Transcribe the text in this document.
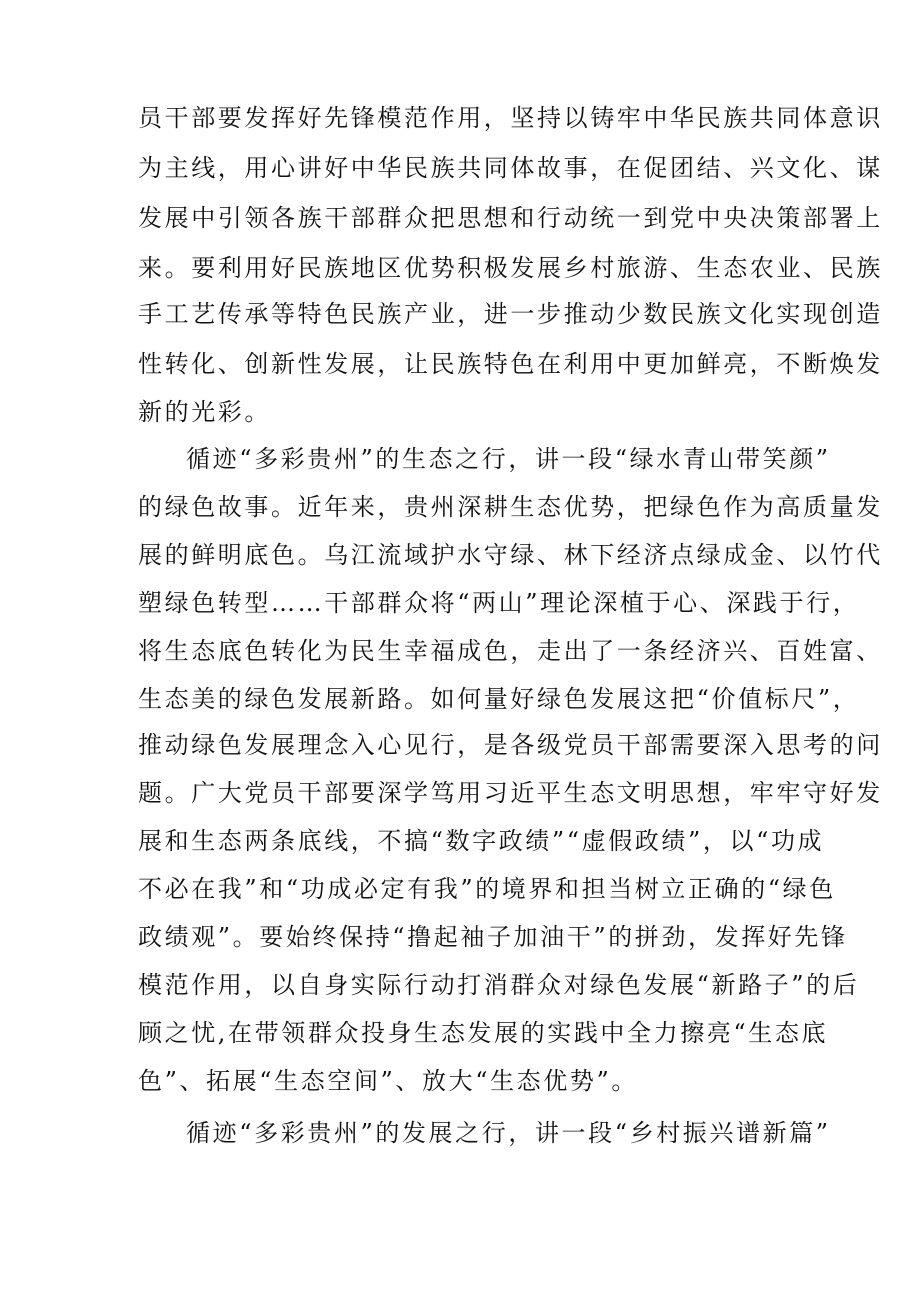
员干部要发挥好先锋模范作用，坚持以铸牢中华民族共同体意识
为主线，用心讲好中华民族共同体故事，在促团结、兴文化、谋
发展中引领各族干部群众把思想和行动统一到党中央决策部署上
来。要利用好民族地区优势积极发展乡村旅游、生态农业、民族
手工艺传承等特色民族产业，进一步推动少数民族文化实现创造
性转化、创新性发展，让民族特色在利用中更加鲜亮，不断焕发
新的光彩。
循迹“多彩贵州”的生态之行，讲一段“绿水青山带笑颜”
的绿色故事。近年来，贵州深耕生态优势，把绿色作为高质量发
展的鲜明底色。乌江流域护水守绿、林下经济点绿成金、以竹代
塑绿色转型……干部群众将“两山”理论深植于心、深践于行，
将生态底色转化为民生幸福成色，走出了一条经济兴、百姓富、
生态美的绿色发展新路。如何量好绿色发展这把“价值标尺”，
推动绿色发展理念入心见行，是各级党员干部需要深入思考的问
题。广大党员干部要深学笃用习近平生态文明思想，牢牢守好发
展和生态两条底线，不搞“数字政绩”“虚假政绩”，以“功成
不必在我”和“功成必定有我”的境界和担当树立正确的“绿色
政绩观”。要始终保持“撸起袖子加油干”的拼劲，发挥好先锋
模范作用，以自身实际行动打消群众对绿色发展“新路子”的后
顾之忧,在带领群众投身生态发展的实践中全力擦亮“生态底
色”、拓展“生态空间”、放大“生态优势”。
循迹“多彩贵州”的发展之行，讲一段“乡村振兴谱新篇”
